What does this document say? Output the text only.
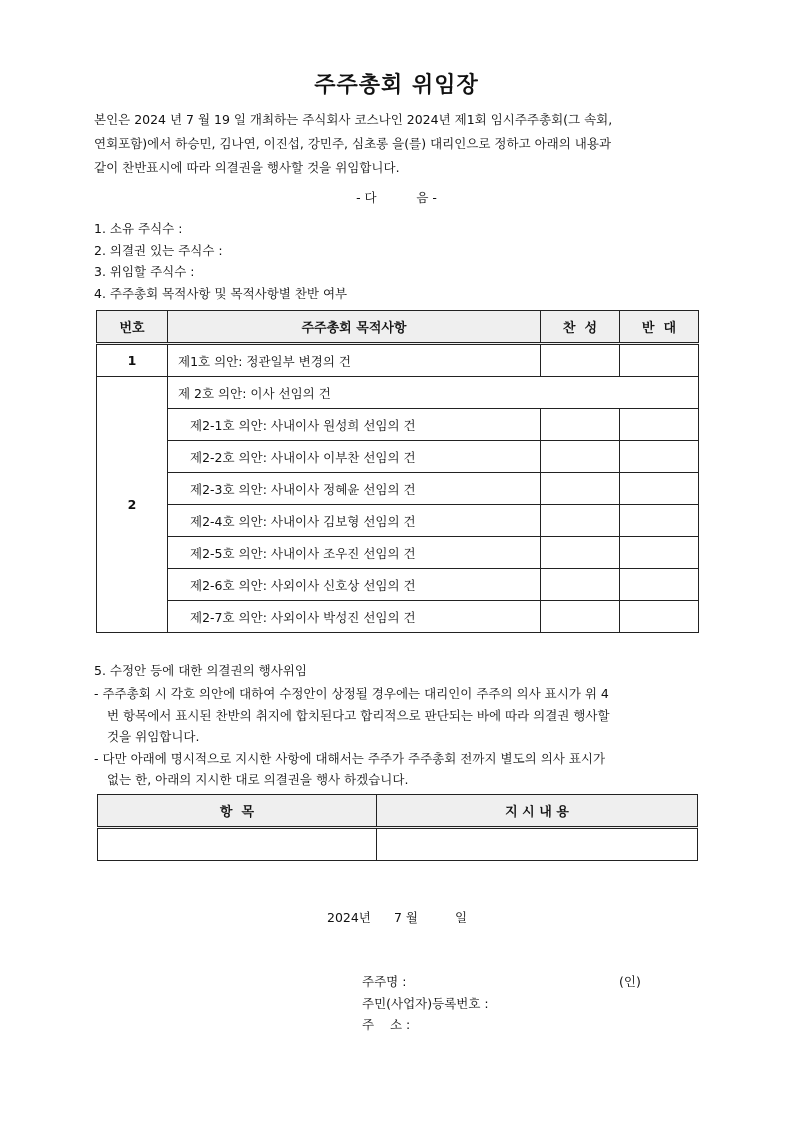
주주총회 위임장
본인은 2024 년 7 월 19 일 개최하는 주식회사 코스나인 2024년 제1회 임시주주총회(그 속회,
연회포함)에서 하승민, 김나연, 이진섭, 강민주, 심초롱 을(를) 대리인으로 정하고 아래의 내용과
같이 찬반표시에 따라 의결권을 행사할 것을 위임합니다.
- 다          음 -
1. 소유 주식수 :
2. 의결권 있는 주식수 :
3. 위임할 주식수 :
4. 주주총회 목적사항 및 목적사항별 찬반 여부
번호	주주총회 목적사항	찬  성	반  대
1	제1호 의안: 정관일부 변경의 건		
2	제 2호 의안: 이사 선임의 건		
	제2-1호 의안: 사내이사 원성희 선임의 건		
	제2-2호 의안: 사내이사 이부찬 선임의 건		
	제2-3호 의안: 사내이사 정혜윤 선임의 건		
	제2-4호 의안: 사내이사 김보형 선임의 건		
	제2-5호 의안: 사내이사 조우진 선임의 건		
	제2-6호 의안: 사외이사 신호상 선임의 건		
	제2-7호 의안: 사외이사 박성진 선임의 건		
5. 수정안 등에 대한 의결권의 행사위임
- 주주총회 시 각호 의안에 대하여 수정안이 상정될 경우에는 대리인이 주주의 의사 표시가 위 4
번 항목에서 표시된 찬반의 취지에 합치된다고 합리적으로 판단되는 바에 따라 의결권 행사할
것을 위임합니다.
- 다만 아래에 명시적으로 지시한 사항에 대해서는 주주가 주주총회 전까지 별도의 의사 표시가
없는 한, 아래의 지시한 대로 의결권을 행사 하겠습니다.
항  목	지 시 내 용

2024년 7 월	일
주주명 :	(인)
주민(사업자)등록번호 :
주    소 :
